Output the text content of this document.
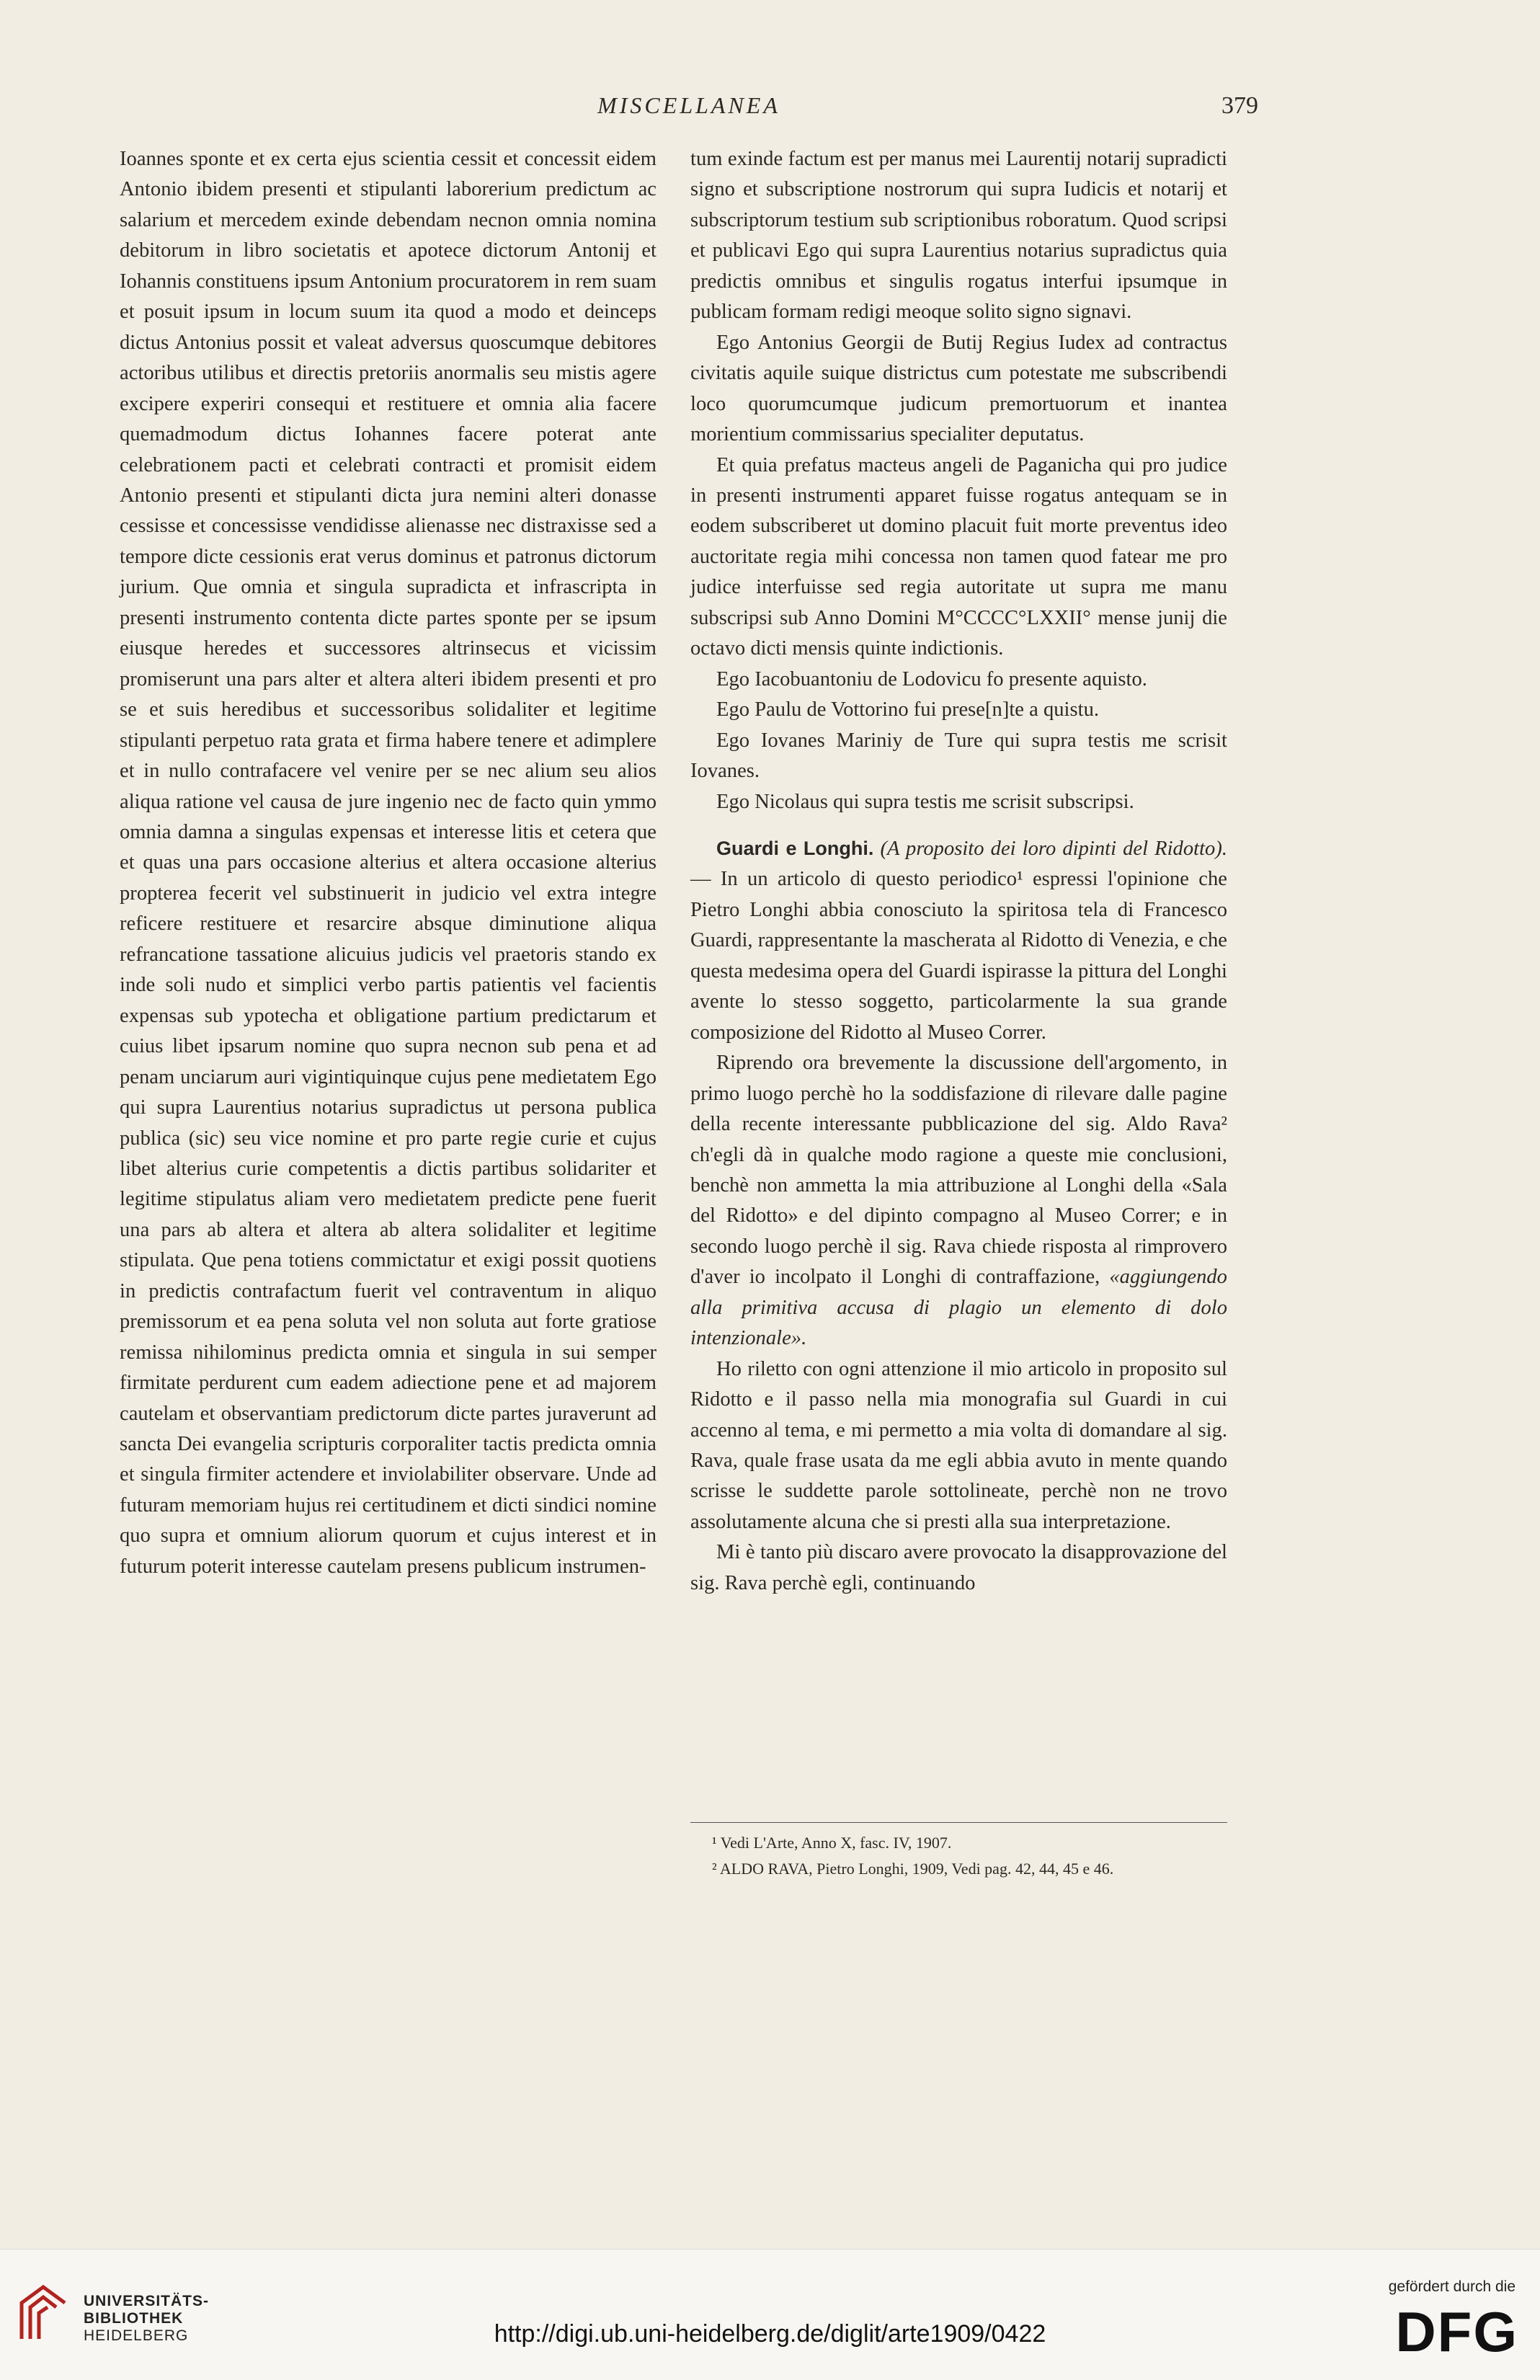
MISCELLANEA	379

Ioannes sponte et ex certa ejus scientia cessit et concessit eidem Antonio ibidem presenti et stipulanti laborerium predictum ac salarium et mercedem exinde debendam necnon omnia nomina debitorum in libro societatis et apotece dictorum Antonij et Iohannis constituens ipsum Antonium procuratorem in rem suam et posuit ipsum in locum suum ita quod a modo et deinceps dictus Antonius possit et valeat adversus quoscumque debitores actoribus utilibus et directis pretoriis anormalis seu mistis agere excipere experiri consequi et restituere et omnia alia facere quemadmodum dictus Iohannes facere poterat ante celebrationem pacti et celebrati contracti et promisit eidem Antonio presenti et stipulanti dicta jura nemini alteri donasse cessisse et concessisse vendidisse alienasse nec distraxisse sed a tempore dicte cessionis erat verus dominus et patronus dictorum jurium. Que omnia et singula supradicta et infrascripta in presenti instrumento contenta dicte partes sponte per se ipsum eiusque heredes et successores altrinsecus et vicissim promiserunt una pars alter et altera alteri ibidem presenti et pro se et suis heredibus et successoribus solidaliter et legitime stipulanti perpetuo rata grata et firma habere tenere et adimplere et in nullo contrafacere vel venire per se nec alium seu alios aliqua ratione vel causa de jure ingenio nec de facto quin ymmo omnia damna a singulas expensas et interesse litis et cetera que et quas una pars occasione alterius et altera occasione alterius propterea fecerit vel substinuerit in judicio vel extra integre reficere restituere et resarcire absque diminutione aliqua refrancatione tassatione alicuius judicis vel praetoris stando ex inde soli nudo et simplici verbo partis patientis vel facientis expensas sub ypotecha et obligatione partium predictarum et cuius libet ipsarum nomine quo supra necnon sub pena et ad penam unciarum auri vigintiquinque cujus pene medietatem Ego qui supra Laurentius notarius supradictus ut persona publica publica (sic) seu vice nomine et pro parte regie curie et cujus libet alterius curie competentis a dictis partibus solidariter et legitime stipulatus aliam vero medietatem predicte pene fuerit una pars ab altera et altera ab altera solidaliter et legitime stipulata. Que pena totiens commictatur et exigi possit quotiens in predictis contrafactum fuerit vel contraventum in aliquo premissorum et ea pena soluta vel non soluta aut forte gratiose remissa nihilominus predicta omnia et singula in sui semper firmitate perdurent cum eadem adiectione pene et ad majorem cautelam et observantiam predictorum dicte partes juraverunt ad sancta Dei evangelia scripturis corporaliter tactis predicta omnia et singula firmiter actendere et inviolabiliter observare. Unde ad futuram memoriam hujus rei certitudinem et dicti sindici nomine quo supra et omnium aliorum quorum et cujus interest et in futurum poterit interesse cautelam presens publicum instrumen-

tum exinde factum est per manus mei Laurentij notarij supradicti signo et subscriptione nostrorum qui supra Iudicis et notarij et subscriptorum testium sub scriptionibus roboratum. Quod scripsi et publicavi Ego qui supra Laurentius notarius supradictus quia predictis omnibus et singulis rogatus interfui ipsumque in publicam formam redigi meoque solito signo signavi.

Ego Antonius Georgii de Butij Regius Iudex ad contractus civitatis aquile suique districtus cum potestate me subscribendi loco quorumcumque judicum premortuorum et inantea morientium commissarius specialiter deputatus.

Et quia prefatus macteus angeli de Paganicha qui pro judice in presenti instrumenti apparet fuisse rogatus antequam se in eodem subscriberet ut domino placuit fuit morte preventus ideo auctoritate regia mihi concessa non tamen quod fatear me pro judice interfuisse sed regia autoritate ut supra me manu subscripsi sub Anno Domini M°CCCC°LXXII° mense junij die octavo dicti mensis quinte indictionis.

Ego Iacobuantoniu de Lodovicu fo presente aquisto.

Ego Paulu de Vottorino fui prese[n]te a quistu.

Ego Iovanes Mariniy de Ture qui supra testis me scrisit Iovanes.

Ego Nicolaus qui supra testis me scrisit subscripsi.

Guardi e Longhi. (A proposito dei loro dipinti del Ridotto). — In un articolo di questo periodico¹ espressi l'opinione che Pietro Longhi abbia conosciuto la spiritosa tela di Francesco Guardi, rappresentante la mascherata al Ridotto di Venezia, e che questa medesima opera del Guardi ispirasse la pittura del Longhi avente lo stesso soggetto, particolarmente la sua grande composizione del Ridotto al Museo Correr.

Riprendo ora brevemente la discussione dell'argomento, in primo luogo perchè ho la soddisfazione di rilevare dalle pagine della recente interessante pubblicazione del sig. Aldo Rava² ch'egli dà in qualche modo ragione a queste mie conclusioni, benchè non ammetta la mia attribuzione al Longhi della «Sala del Ridotto» e del dipinto compagno al Museo Correr; e in secondo luogo perchè il sig. Rava chiede risposta al rimprovero d'aver io incolpato il Longhi di contraffazione, «aggiungendo alla primitiva accusa di plagio un elemento di dolo intenzionale».

Ho riletto con ogni attenzione il mio articolo in proposito sul Ridotto e il passo nella mia monografia sul Guardi in cui accenno al tema, e mi permetto a mia volta di domandare al sig. Rava, quale frase usata da me egli abbia avuto in mente quando scrisse le suddette parole sottolineate, perchè non ne trovo assolutamente alcuna che si presti alla sua interpretazione.

Mi è tanto più discaro avere provocato la disapprovazione del sig. Rava perchè egli, continuando

¹ Vedi L'Arte, Anno X, fasc. IV, 1907.

² ALDO RAVA, Pietro Longhi, 1909, Vedi pag. 42, 44, 45 e 46.

UNIVERSITÄTS-
BIBLIOTHEK
HEIDELBERG	http://digi.ub.uni-heidelberg.de/diglit/arte1909/0422
gefördert durch die
DFG
